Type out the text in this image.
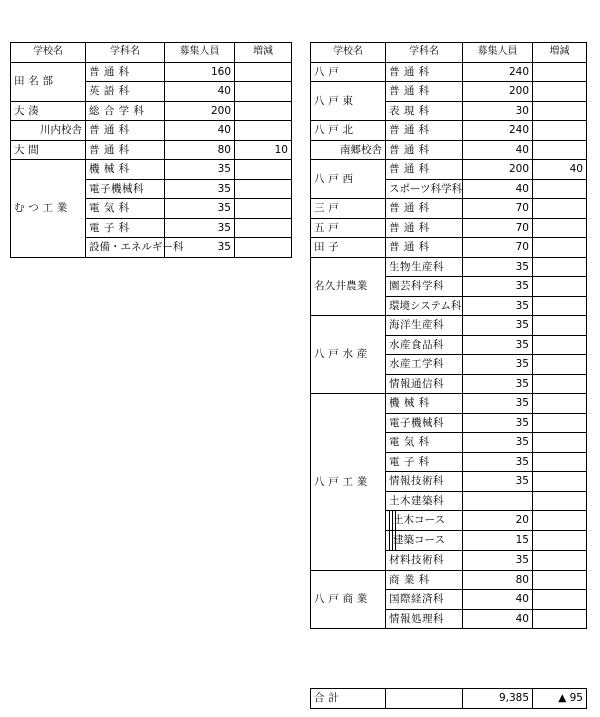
学校名	学科名	募集人員	増減
田 名 部	普 通 科	160	
	英 語 科	40	
大 湊	総 合 学 科	200	
川内校舎	普 通 科	40	
大 間	普 通 科	80	10
む つ 工 業	機 械 科	35	
	電子機械科	35	
	電 気 科	35	
	電 子 科	35	
	設備・エネルギー科	35	
学校名	学科名	募集人員	増減
八 戸	普 通 科	240	
八 戸 東	普 通 科	200	
	表 現 科	30	
八 戸 北	普 通 科	240	
南郷校舎	普 通 科	40	
八 戸 西	普 通 科	200	40
	スポーツ科学科	40	
三 戸	普 通 科	70	
五 戸	普 通 科	70	
田 子	普 通 科	70	
名久井農業	生物生産科	35	
	園芸科学科	35	
	環境システム科	35	
八 戸 水 産	海洋生産科	35	
	水産食品科	35	
	水産工学科	35	
	情報通信科	35	
八 戸 工 業	機 械 科	35	
	電子機械科	35	
	電 気 科	35	
	電 子 科	35	
	情報技術科	35	
	土木建築科		

	土木コース	20	

	建築コース	15	
	材料技術科	35	
八 戸 商 業	商 業 科	80	
	国際経済科	40	
	情報処理科	40	
合 計		9,385	▲ 95
